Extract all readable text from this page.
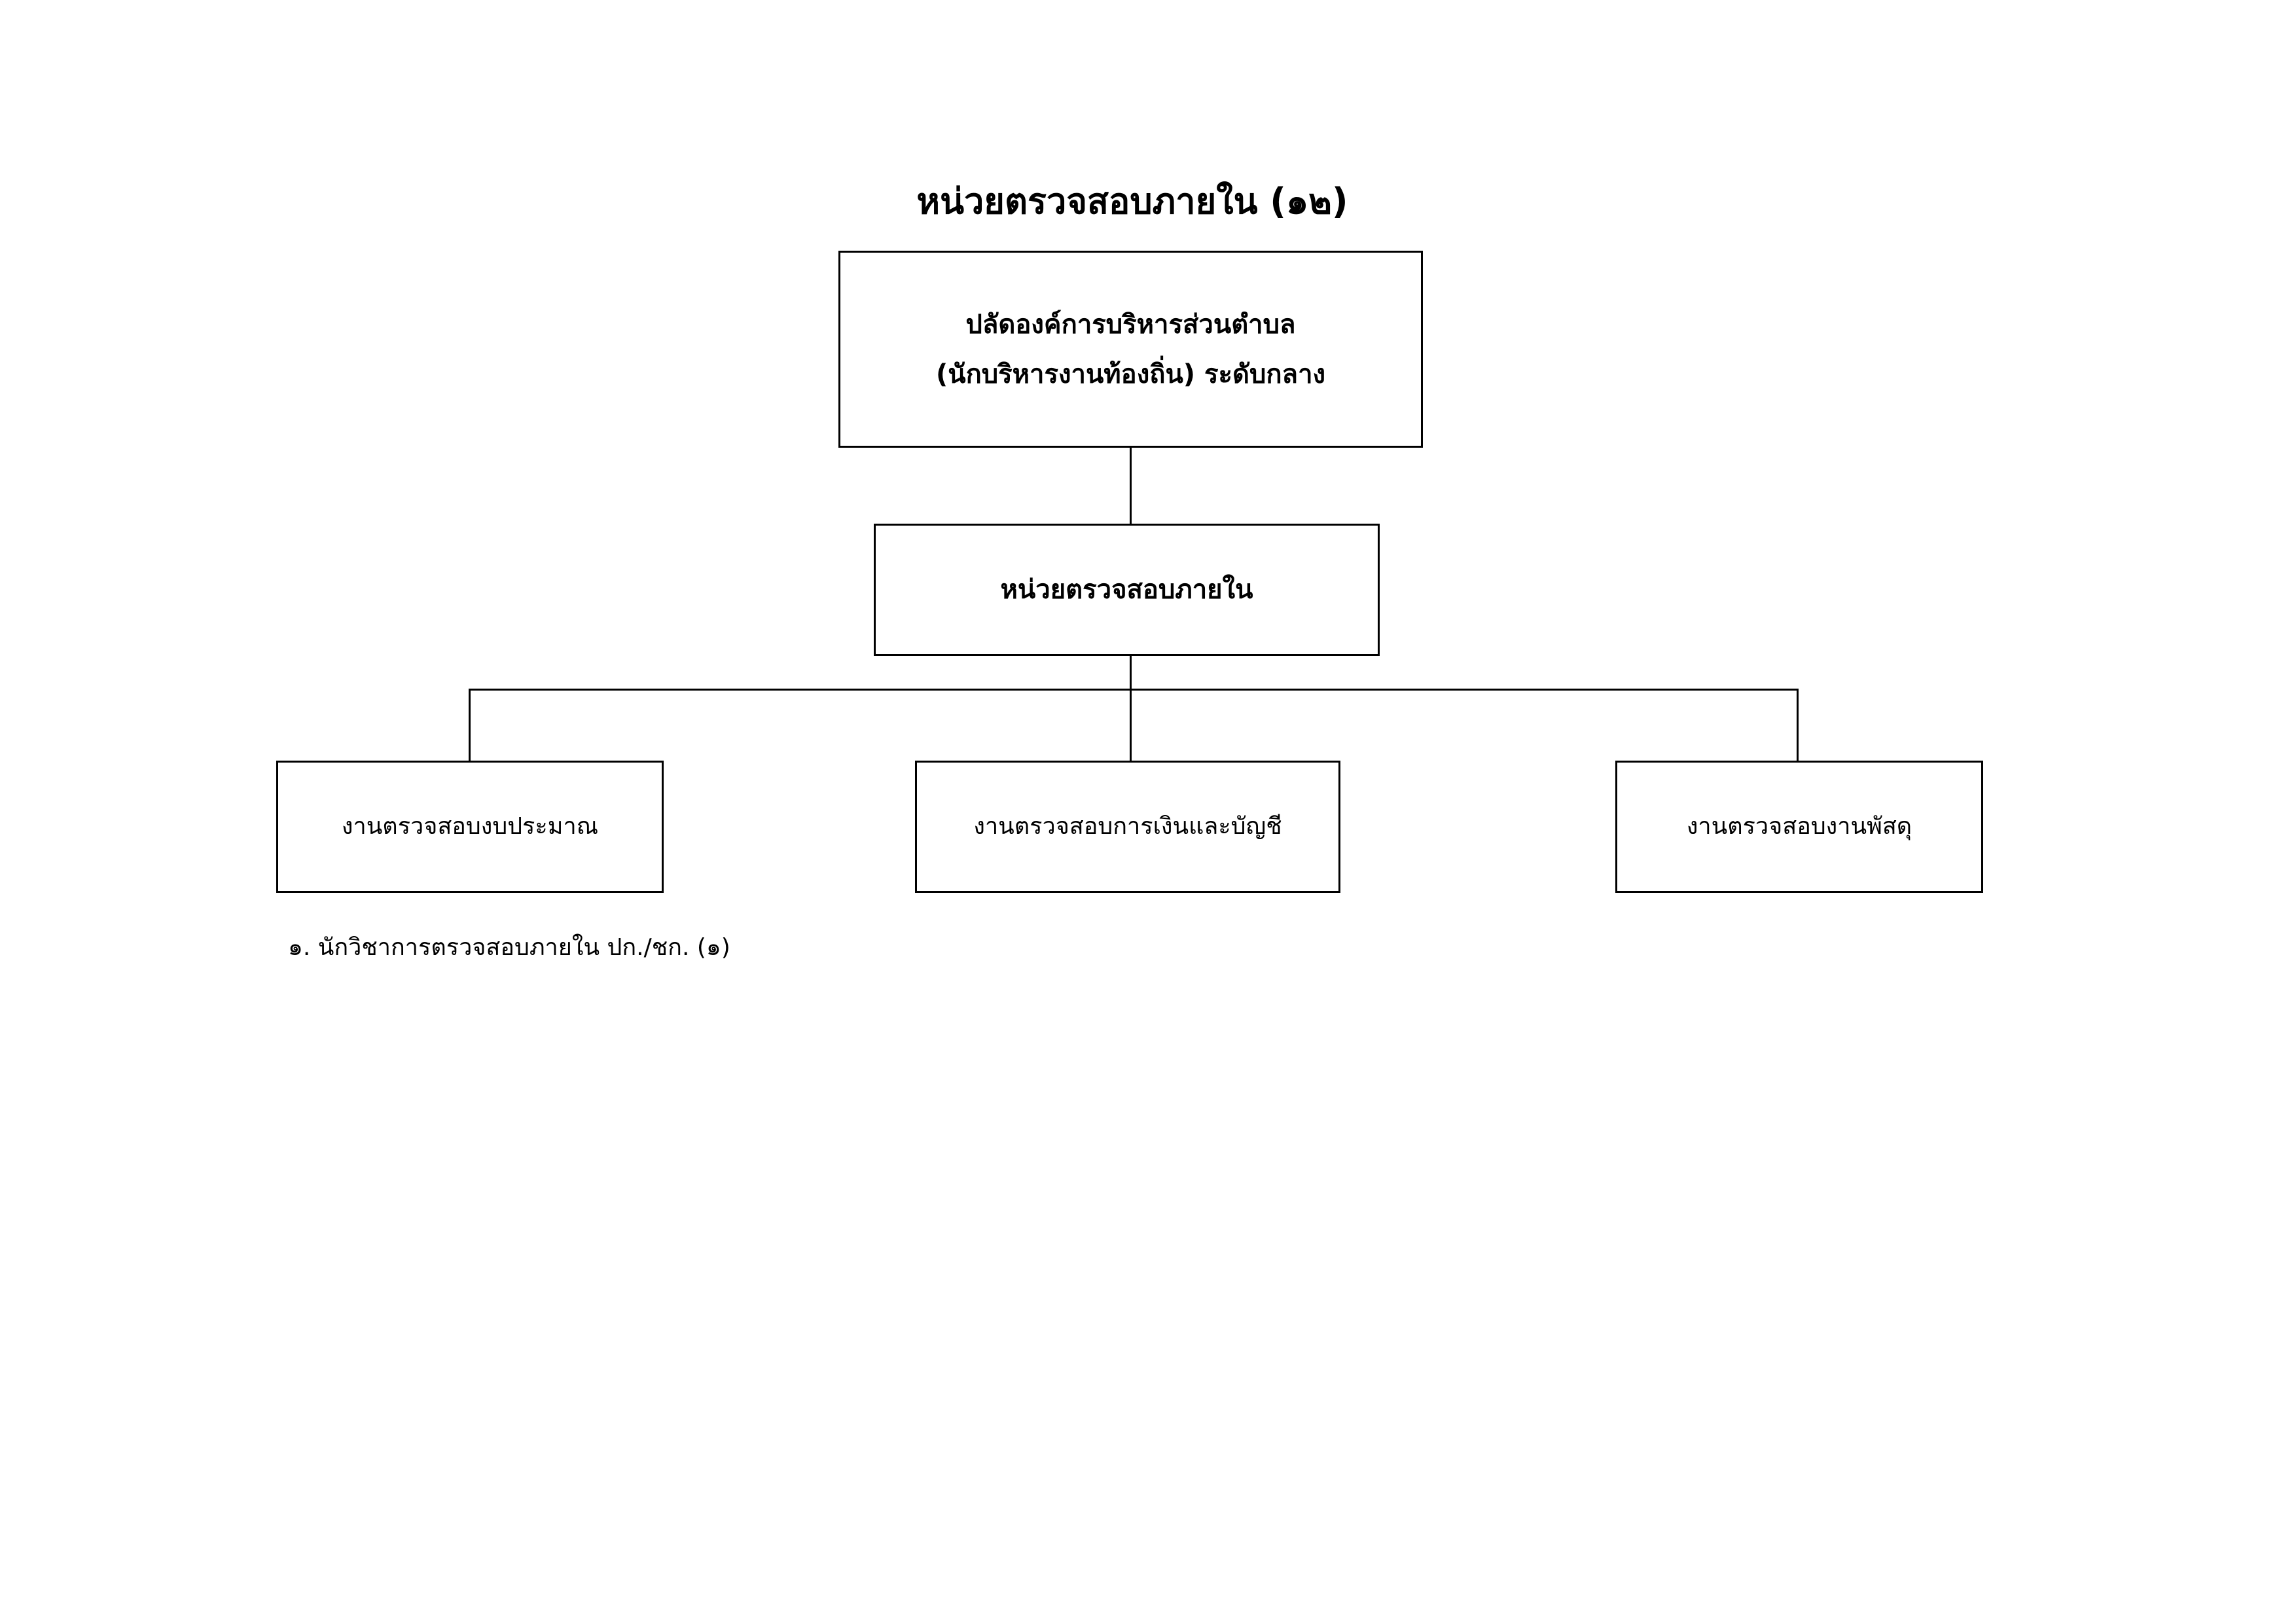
หน่วยตรวจสอบภายใน (๑๒)
ปลัดองค์การบริหารส่วนตำบล
(นักบริหารงานท้องถิ่น) ระดับกลาง
หน่วยตรวจสอบภายใน
งานตรวจสอบงบประมาณ	งานตรวจสอบการเงินและบัญชี	งานตรวจสอบงานพัสดุ
๑. นักวิชาการตรวจสอบภายใน ปก./ชก. (๑)
